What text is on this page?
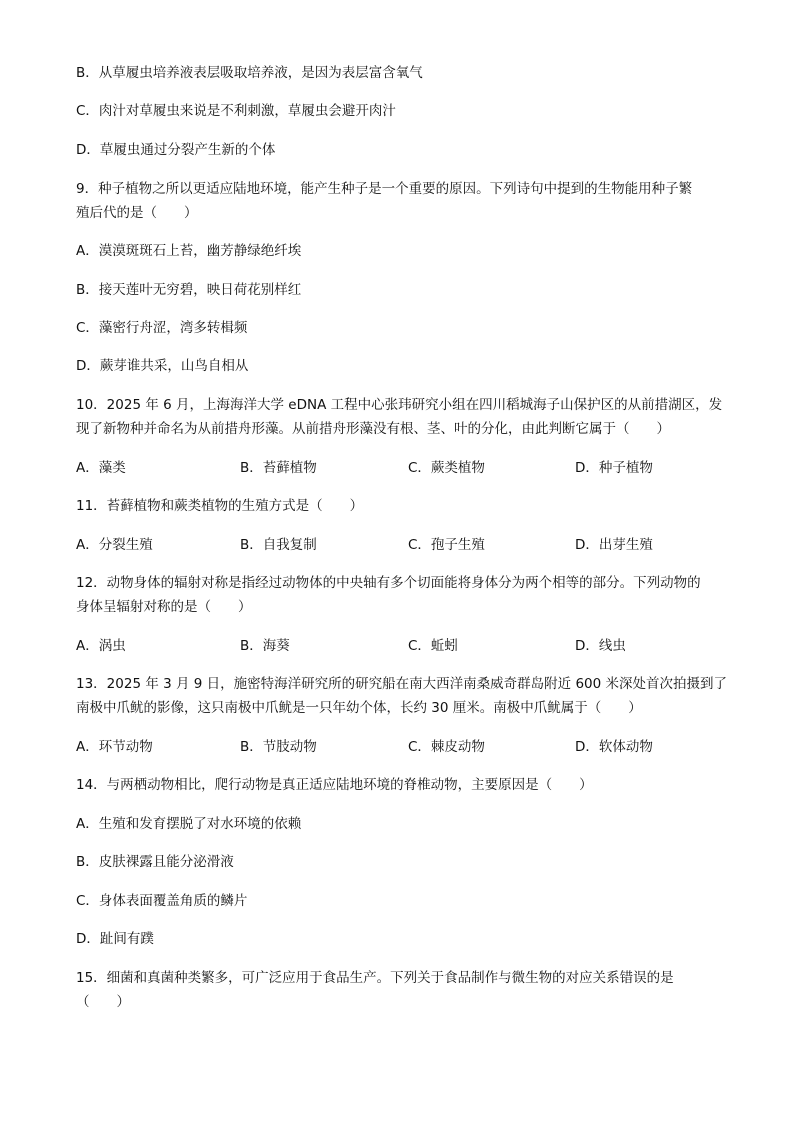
B．从草履虫培养液表层吸取培养液，是因为表层富含氧气
C．肉汁对草履虫来说是不利刺激，草履虫会避开肉汁
D．草履虫通过分裂产生新的个体
9．种子植物之所以更适应陆地环境，能产生种子是一个重要的原因。下列诗句中提到的生物能用种子繁
殖后代的是（　　）
A．漠漠斑斑石上苔，幽芳静绿绝纤埃
B．接天莲叶无穷碧，映日荷花别样红
C．藻密行舟涩，湾多转楫频
D．蕨芽谁共采，山鸟自相从
10．2025 年 6 月，上海海洋大学 eDNA 工程中心张玮研究小组在四川稻城海子山保护区的从前措湖区，发
现了新物种并命名为从前措舟形藻。从前措舟形藻没有根、茎、叶的分化，由此判断它属于（　　）
A．藻类	B．苔藓植物	C．蕨类植物	D．种子植物
11．苔藓植物和蕨类植物的生殖方式是（　　）
A．分裂生殖	B．自我复制	C．孢子生殖	D．出芽生殖
12．动物身体的辐射对称是指经过动物体的中央轴有多个切面能将身体分为两个相等的部分。下列动物的
身体呈辐射对称的是（　　）
A．涡虫	B．海葵	C．蚯蚓	D．线虫
13．2025 年 3 月 9 日，施密特海洋研究所的研究船在南大西洋南桑威奇群岛附近 600 米深处首次拍摄到了
南极中爪鱿的影像，这只南极中爪鱿是一只年幼个体，长约 30 厘米。南极中爪鱿属于（　　）
A．环节动物	B．节肢动物	C．棘皮动物	D．软体动物
14．与两栖动物相比，爬行动物是真正适应陆地环境的脊椎动物，主要原因是（　　）
A．生殖和发育摆脱了对水环境的依赖
B．皮肤裸露且能分泌滑液
C．身体表面覆盖角质的鳞片
D．趾间有蹼
15．细菌和真菌种类繁多，可广泛应用于食品生产。下列关于食品制作与微生物的对应关系错误的是
（　　）
